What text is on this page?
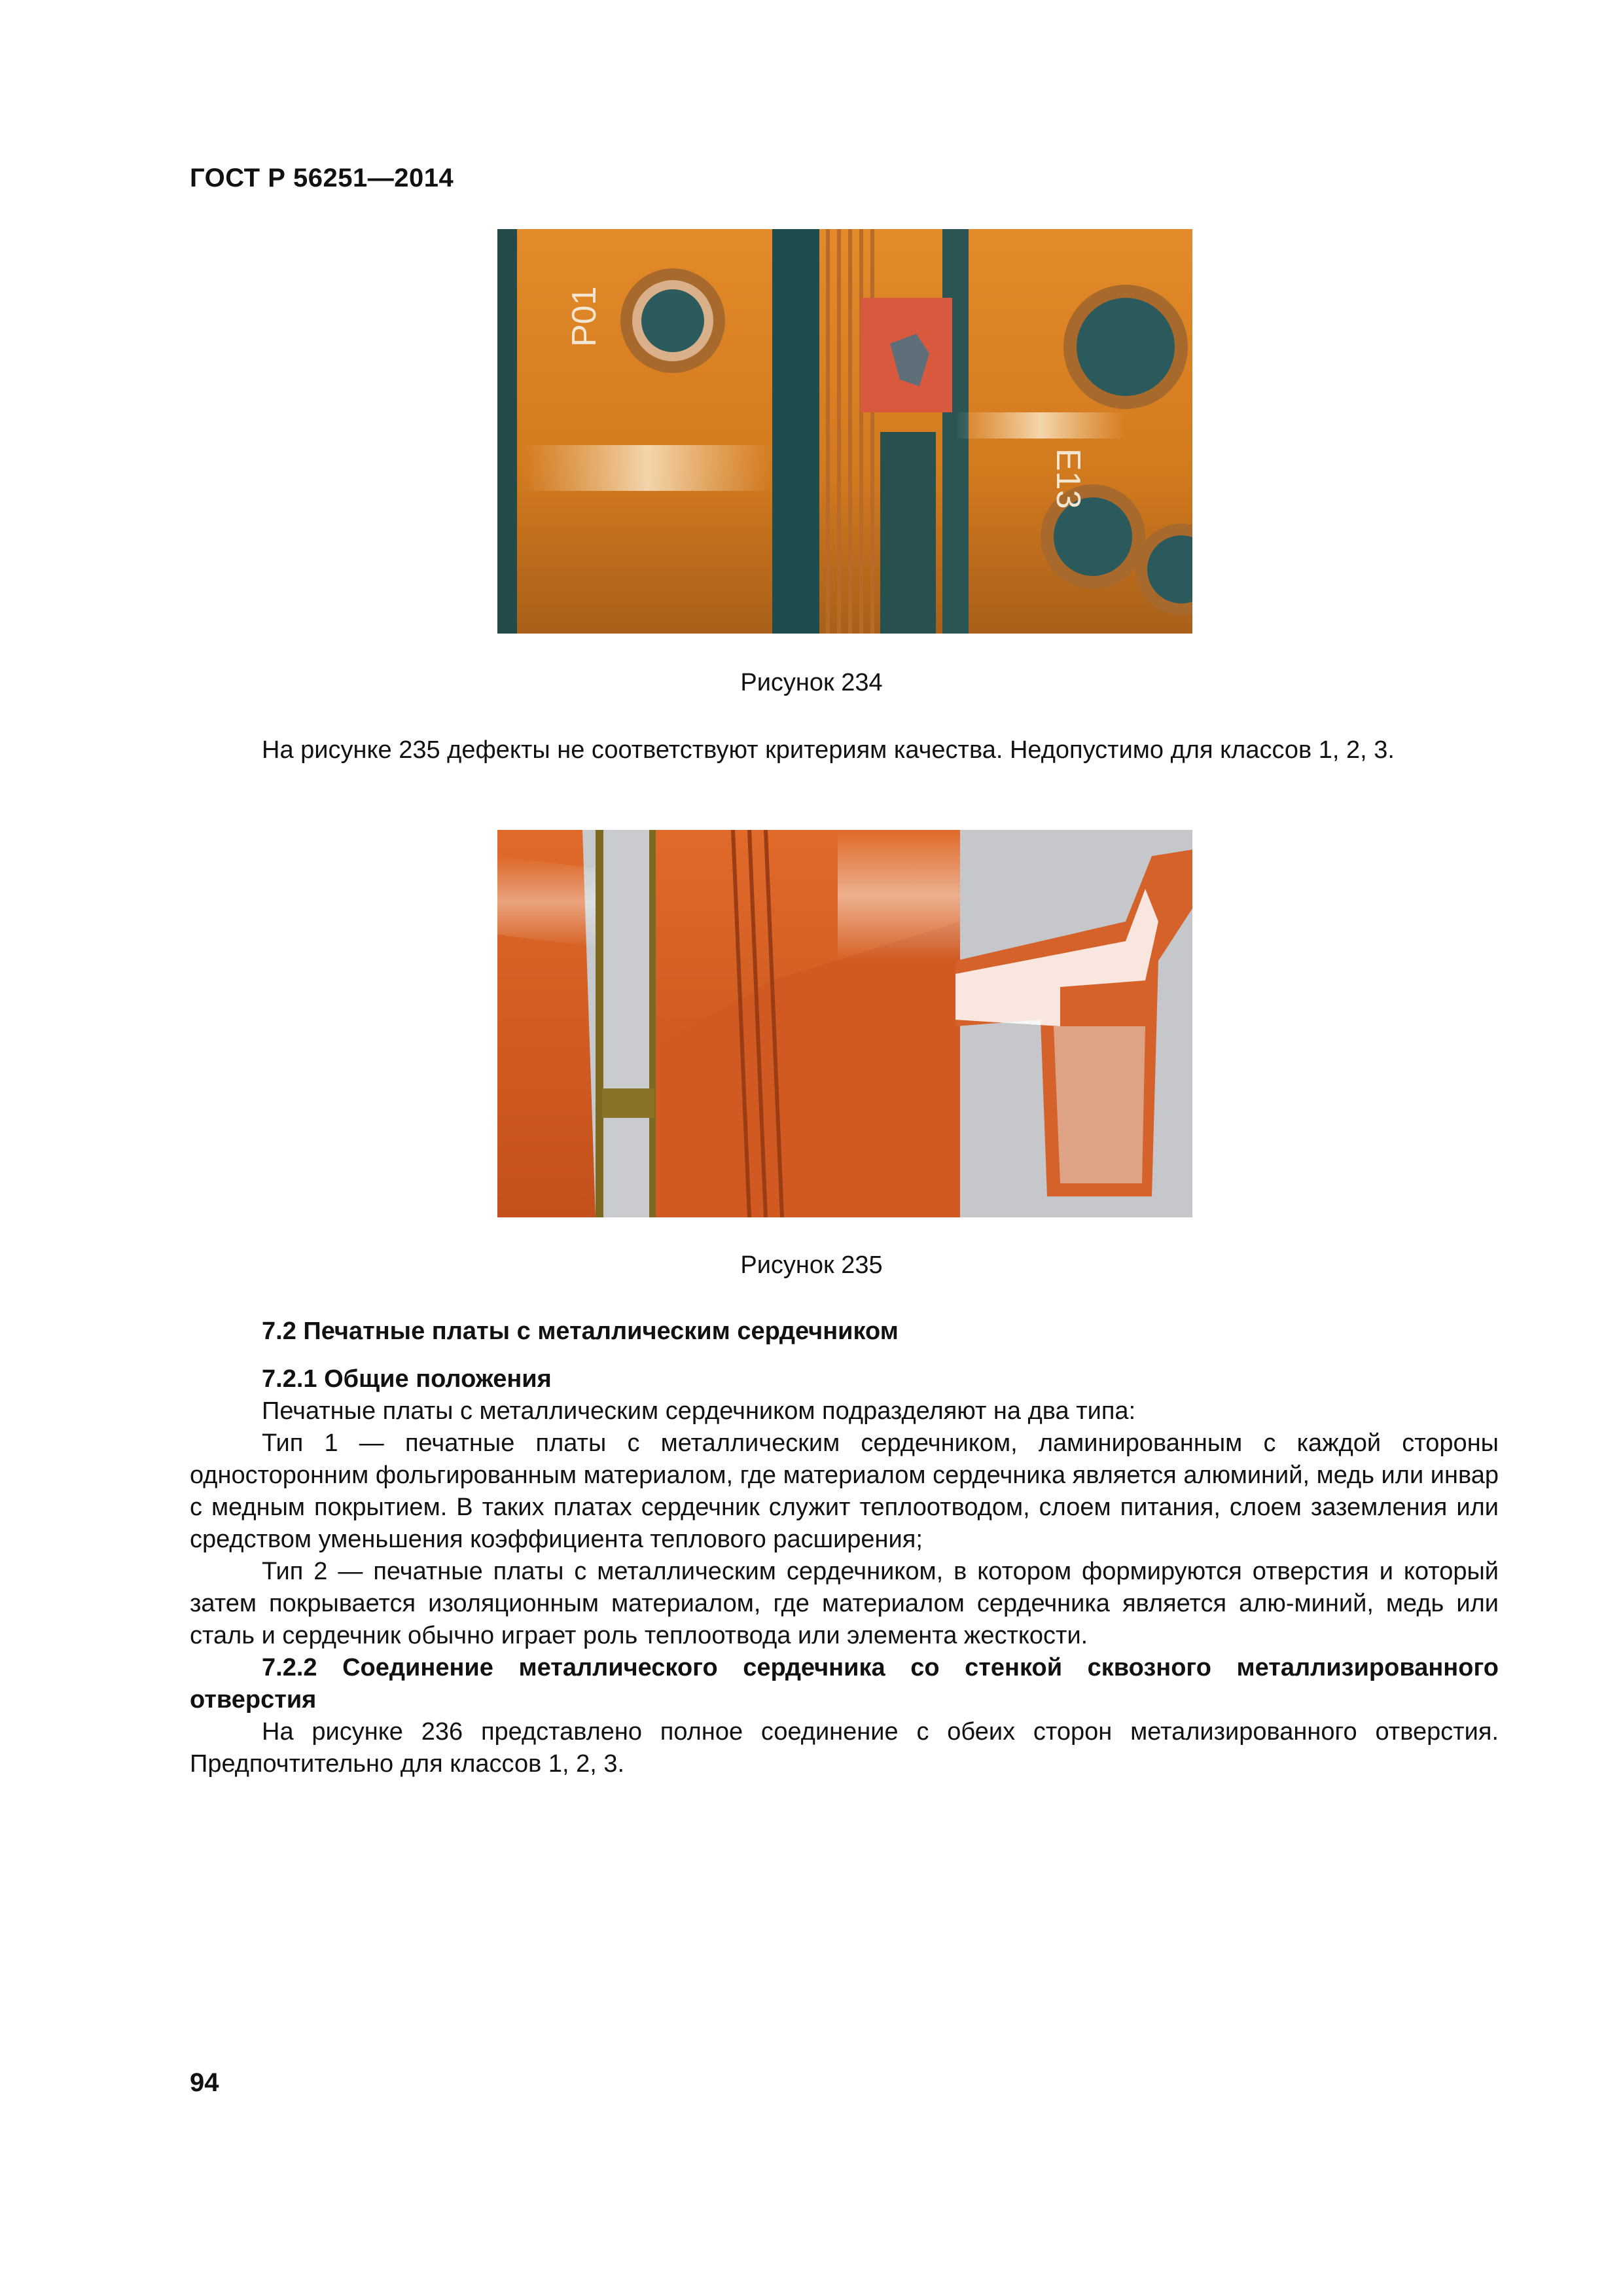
ГОСТ Р 56251—2014
P01
E13
Рисунок 234

На рисунке 235 дефекты не соответствуют критериям качества. Недопустимо для классов 1, 2, 3.

Рисунок 235

7.2 Печатные платы с металлическим сердечником

7.2.1 Общие положения

Печатные платы с металлическим сердечником подразделяют на два типа:

Тип 1 — печатные платы с металлическим сердечником, ламинированным с каждой стороны односторонним фольгированным материалом, где материалом сердечника является алюминий, медь или инвар с медным покрытием. В таких платах сердечник служит теплоотводом, слоем питания, слоем заземления или средством уменьшения коэффициента теплового расширения;

Тип 2 — печатные платы с металлическим сердечником, в котором формируются отверстия и который затем покрывается изоляционным материалом, где материалом сердечника является алю-миний, медь или сталь и сердечник обычно играет роль теплоотвода или элемента жесткости.

7.2.2 Соединение металлического сердечника со стенкой сквозного металлизированного отверстия

На рисунке 236 представлено полное соединение с обеих сторон метализированного отверстия. Предпочтительно для классов 1, 2, 3.

94
